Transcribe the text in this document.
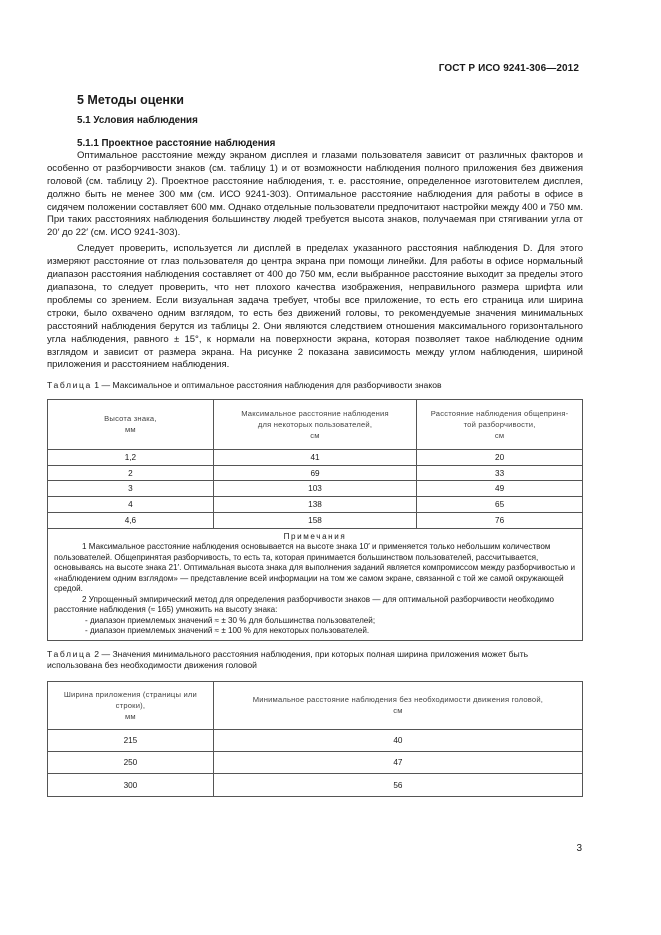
ГОСТ Р ИСО 9241-306—2012
5 Методы оценки
5.1 Условия наблюдения
5.1.1 Проектное расстояние наблюдения

Оптимальное расстояние между экраном дисплея и глазами пользователя зависит от различных факторов и особенно от разборчивости знаков (см. таблицу 1) и от возможности наблюдения полного приложения без движения головой (см. таблицу 2). Проектное расстояние наблюдения, т. е. расстояние, определенное изготовителем дисплея, должно быть не менее 300 мм (см. ИСО 9241-303). Оптимальное расстояние наблюдения для работы в офисе в сидячем положении составляет 600 мм. Однако отдельные пользователи предпочитают настройки между 400 и 750 мм. При таких расстояниях наблюдения большинству людей требуется высота знаков, получаемая при стягивании угла от 20′ до 22′ (см. ИСО 9241-303).

Следует проверить, используется ли дисплей в пределах указанного расстояния наблюдения D. Для этого измеряют расстояние от глаз пользователя до центра экрана при помощи линейки. Для работы в офисе нормальный диапазон расстояния наблюдения составляет от 400 до 750 мм, если выбранное расстояние выходит за пределы этого диапазона, то следует проверить, что нет плохого качества изображения, неправильного размера шрифта или проблемы со зрением. Если визуальная задача требует, чтобы все приложение, то есть его страница или ширина строки, было охвачено одним взглядом, то есть без движений головы, то рекомендуемые значения минимальных расстояний наблюдения берутся из таблицы 2. Они являются следствием отношения максимального горизонтального угла наблюдения, равного ± 15°, к нормали на поверхности экрана, которая позволяет такое наблюдение одним взглядом и зависит от размера экрана. На рисунке 2 показана зависимость между углом наблюдения, шириной приложения и расстоянием наблюдения.

Таблица 1 — Максимальное и оптимальное расстояния наблюдения для разборчивости знаков
Высота знака,
мм	Максимальное расстояние наблюдения
для некоторых пользователей,
см	Расстояние наблюдения общеприня-
той разборчивости,
см
1,2	41	20
2	69	33
3	103	49
4	138	65
4,6	158	76

Примечания
1 Максимальное расстояние наблюдения основывается на высоте знака 10′ и применяется только небольшим количеством пользователей. Общепринятая разборчивость, то есть та, которая принимается большинством пользователей, рассчитывается, основываясь на высоте знака 21′. Оптимальная высота знака для выполнения заданий является компромиссом между разборчивостью и «наблюдением одним взглядом» — представление всей информации на том же самом экране, связанной с той же самой окружающей средой.
2 Упрощенный эмпирический метод для определения разборчивости знаков — для оптимальной разборчивости необходимо расстояние наблюдения (≈ 165) умножить на высоту знака:
- диапазон приемлемых значений ≈ ± 30 % для большинства пользователей;
- диапазон приемлемых значений ≈ ± 100 % для некоторых пользователей.		
Таблица 2 — Значения минимального расстояния наблюдения, при которых полная ширина приложения может быть использована без необходимости движения головой
Ширина приложения (страницы или
строки),
мм	Минимальное расстояние наблюдения без необходимости движения головой,
см
215	40
250	47
300	56
3
